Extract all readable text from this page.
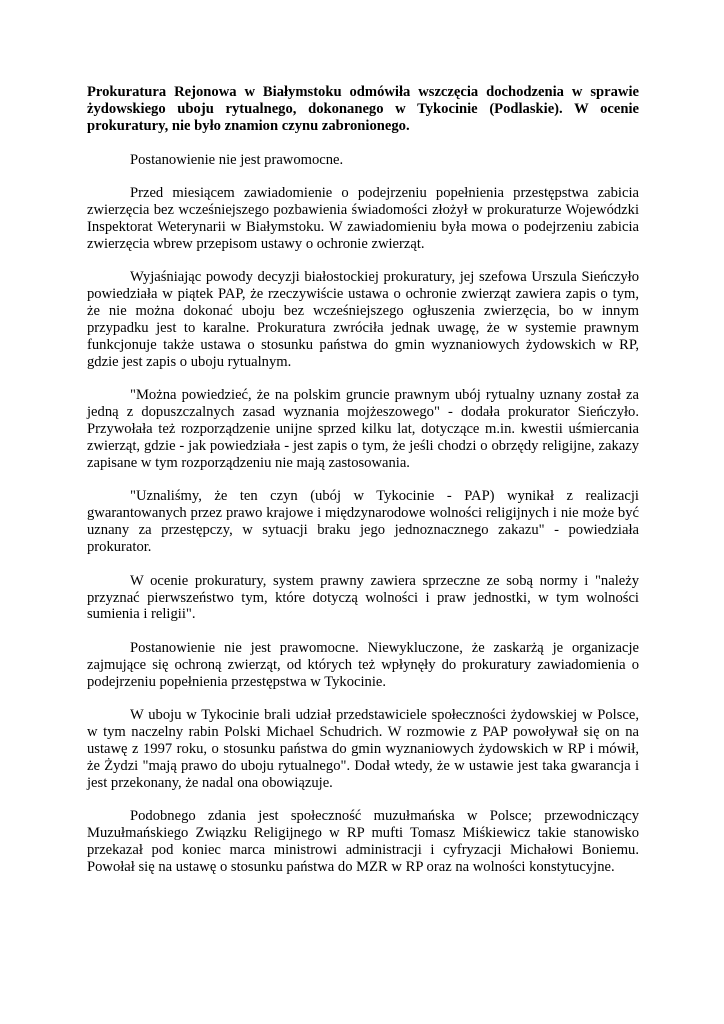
Prokuratura Rejonowa w Białymstoku odmówiła wszczęcia dochodzenia w sprawie żydowskiego uboju rytualnego, dokonanego w Tykocinie (Podlaskie). W ocenie prokuratury, nie było znamion czynu zabronionego.

Postanowienie nie jest prawomocne.

Przed miesiącem zawiadomienie o podejrzeniu popełnienia przestępstwa zabicia zwierzęcia bez wcześniejszego pozbawienia świadomości złożył w prokuraturze Wojewódzki Inspektorat Weterynarii w Białymstoku. W zawiadomieniu była mowa o podejrzeniu zabicia zwierzęcia wbrew przepisom ustawy o ochronie zwierząt.

Wyjaśniając powody decyzji białostockiej prokuratury, jej szefowa Urszula Sieńczyło powiedziała w piątek PAP, że rzeczywiście ustawa o ochronie zwierząt zawiera zapis o tym, że nie można dokonać uboju bez wcześniejszego ogłuszenia zwierzęcia, bo w innym przypadku jest to karalne. Prokuratura zwróciła jednak uwagę, że w systemie prawnym funkcjonuje także ustawa o stosunku państwa do gmin wyznaniowych żydowskich w RP, gdzie jest zapis o uboju rytualnym.

"Można powiedzieć, że na polskim gruncie prawnym ubój rytualny uznany został za jedną z dopuszczalnych zasad wyznania mojżeszowego" - dodała prokurator Sieńczyło. Przywołała też rozporządzenie unijne sprzed kilku lat, dotyczące m.in. kwestii uśmiercania zwierząt, gdzie - jak powiedziała - jest zapis o tym, że jeśli chodzi o obrzędy religijne, zakazy zapisane w tym rozporządzeniu nie mają zastosowania.

"Uznaliśmy, że ten czyn (ubój w Tykocinie - PAP) wynikał z realizacji gwarantowanych przez prawo krajowe i międzynarodowe wolności religijnych i nie może być uznany za przestępczy, w sytuacji braku jego jednoznacznego zakazu" - powiedziała prokurator.

W ocenie prokuratury, system prawny zawiera sprzeczne ze sobą normy i "należy przyznać pierwszeństwo tym, które dotyczą wolności i praw jednostki, w tym wolności sumienia i religii".

Postanowienie nie jest prawomocne. Niewykluczone, że zaskarżą je organizacje zajmujące się ochroną zwierząt, od których też wpłynęły do prokuratury zawiadomienia o podejrzeniu popełnienia przestępstwa w Tykocinie.

W uboju w Tykocinie brali udział przedstawiciele społeczności żydowskiej w Polsce, w tym naczelny rabin Polski Michael Schudrich. W rozmowie z PAP powoływał się on na ustawę z 1997 roku, o stosunku państwa do gmin wyznaniowych żydowskich w RP i mówił, że Żydzi "mają prawo do uboju rytualnego". Dodał wtedy, że w ustawie jest taka gwarancja i jest przekonany, że nadal ona obowiązuje.

Podobnego zdania jest społeczność muzułmańska w Polsce; przewodniczący Muzułmańskiego Związku Religijnego w RP mufti Tomasz Miśkiewicz takie stanowisko przekazał pod koniec marca ministrowi administracji i cyfryzacji Michałowi Boniemu. Powołał się na ustawę o stosunku państwa do MZR w RP oraz na wolności konstytucyjne.
